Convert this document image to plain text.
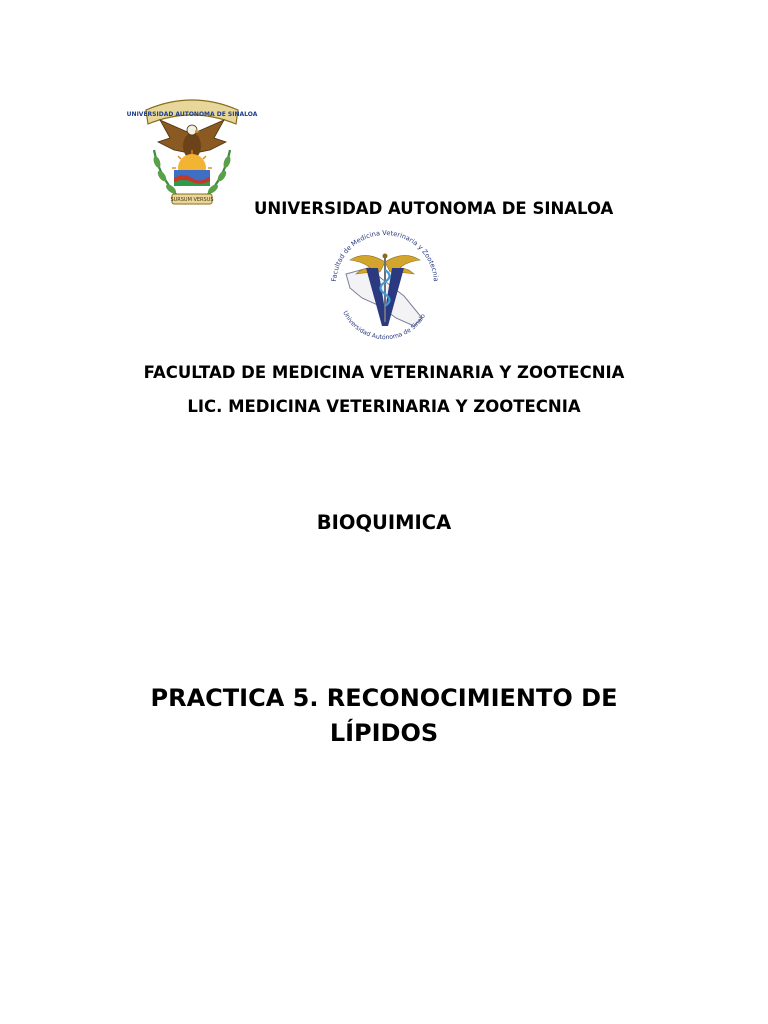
UNIVERSIDAD AUTONOMA DE SINALOA
SURSUM VERSUS UNIVERSIDAD AUTONOMA DE SINALOA
Facultad de Medicina Veterinaria y Zootecnia
Universidad Autónoma de Sinalo
FACULTAD DE MEDICINA VETERINARIA Y ZOOTECNIA
LIC. MEDICINA VETERINARIA Y ZOOTECNIA
BIOQUIMICA
PRACTICA 5. RECONOCIMIENTO DE LÍPIDOS
